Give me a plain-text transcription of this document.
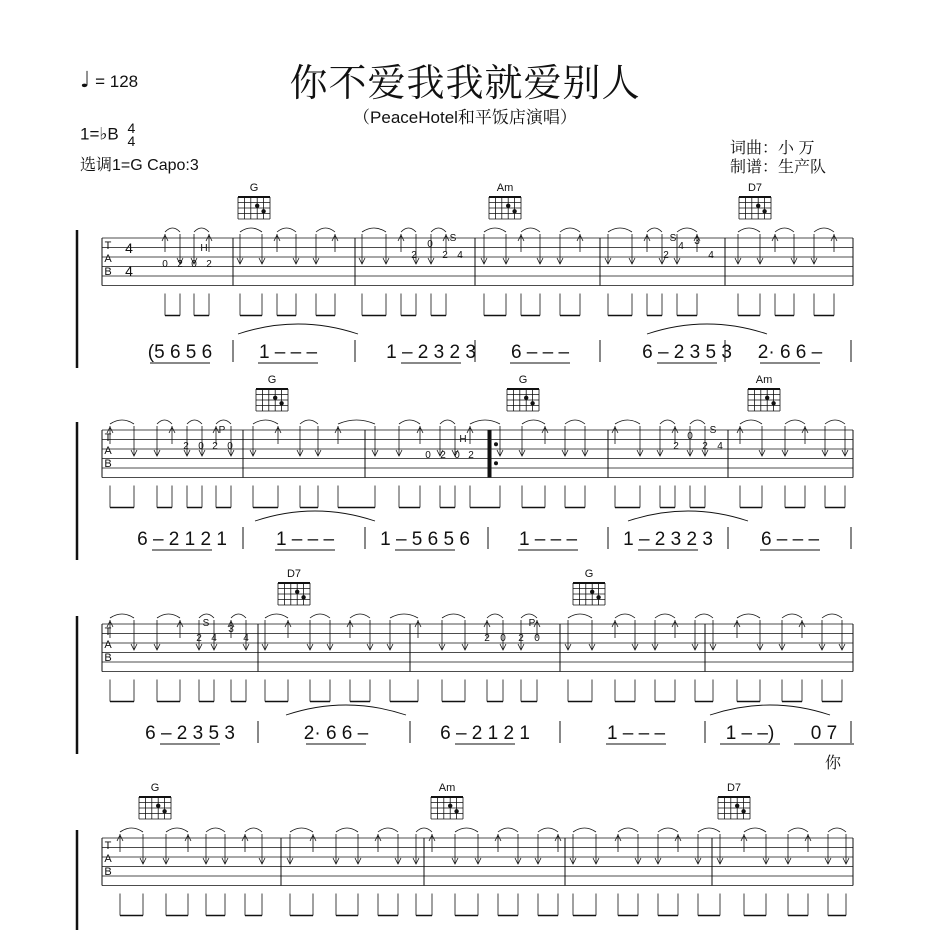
你不爱我我就爱别人
（PeaceHotel和平饭店演唱）
♩ = 128
1=♭B 4
4
选调1=G Capo:3
词曲：小 万
制谱：生产队
T
A
B
4
4
G	Am	D7
0 2 0 2
H
2
0
2 4
S
2
4 3
4
S
(5 6 5 6 1 – – –	1 – 2 3 2 3 6 – – –	6 – 2 3 5 3 2· 6 6 –
T
A
B
G	G	Am
2 0 2 0
P
0 2 0 2
H
2
0
2 4
S
6 – 2 1 2 1	1 – – – 1 – 5 6 5 6	1 – – – 1 – 2 3 2 3	6 – – –
T
A
B
D7	G
2 4
3
4
S
2 0 2 0
P
6 – 2 3 5 3	2· 6 6 –	6 – 2 1 2 1	1 – – –	1 – –) 0 7
你
T
A
B
G	Am	D7
